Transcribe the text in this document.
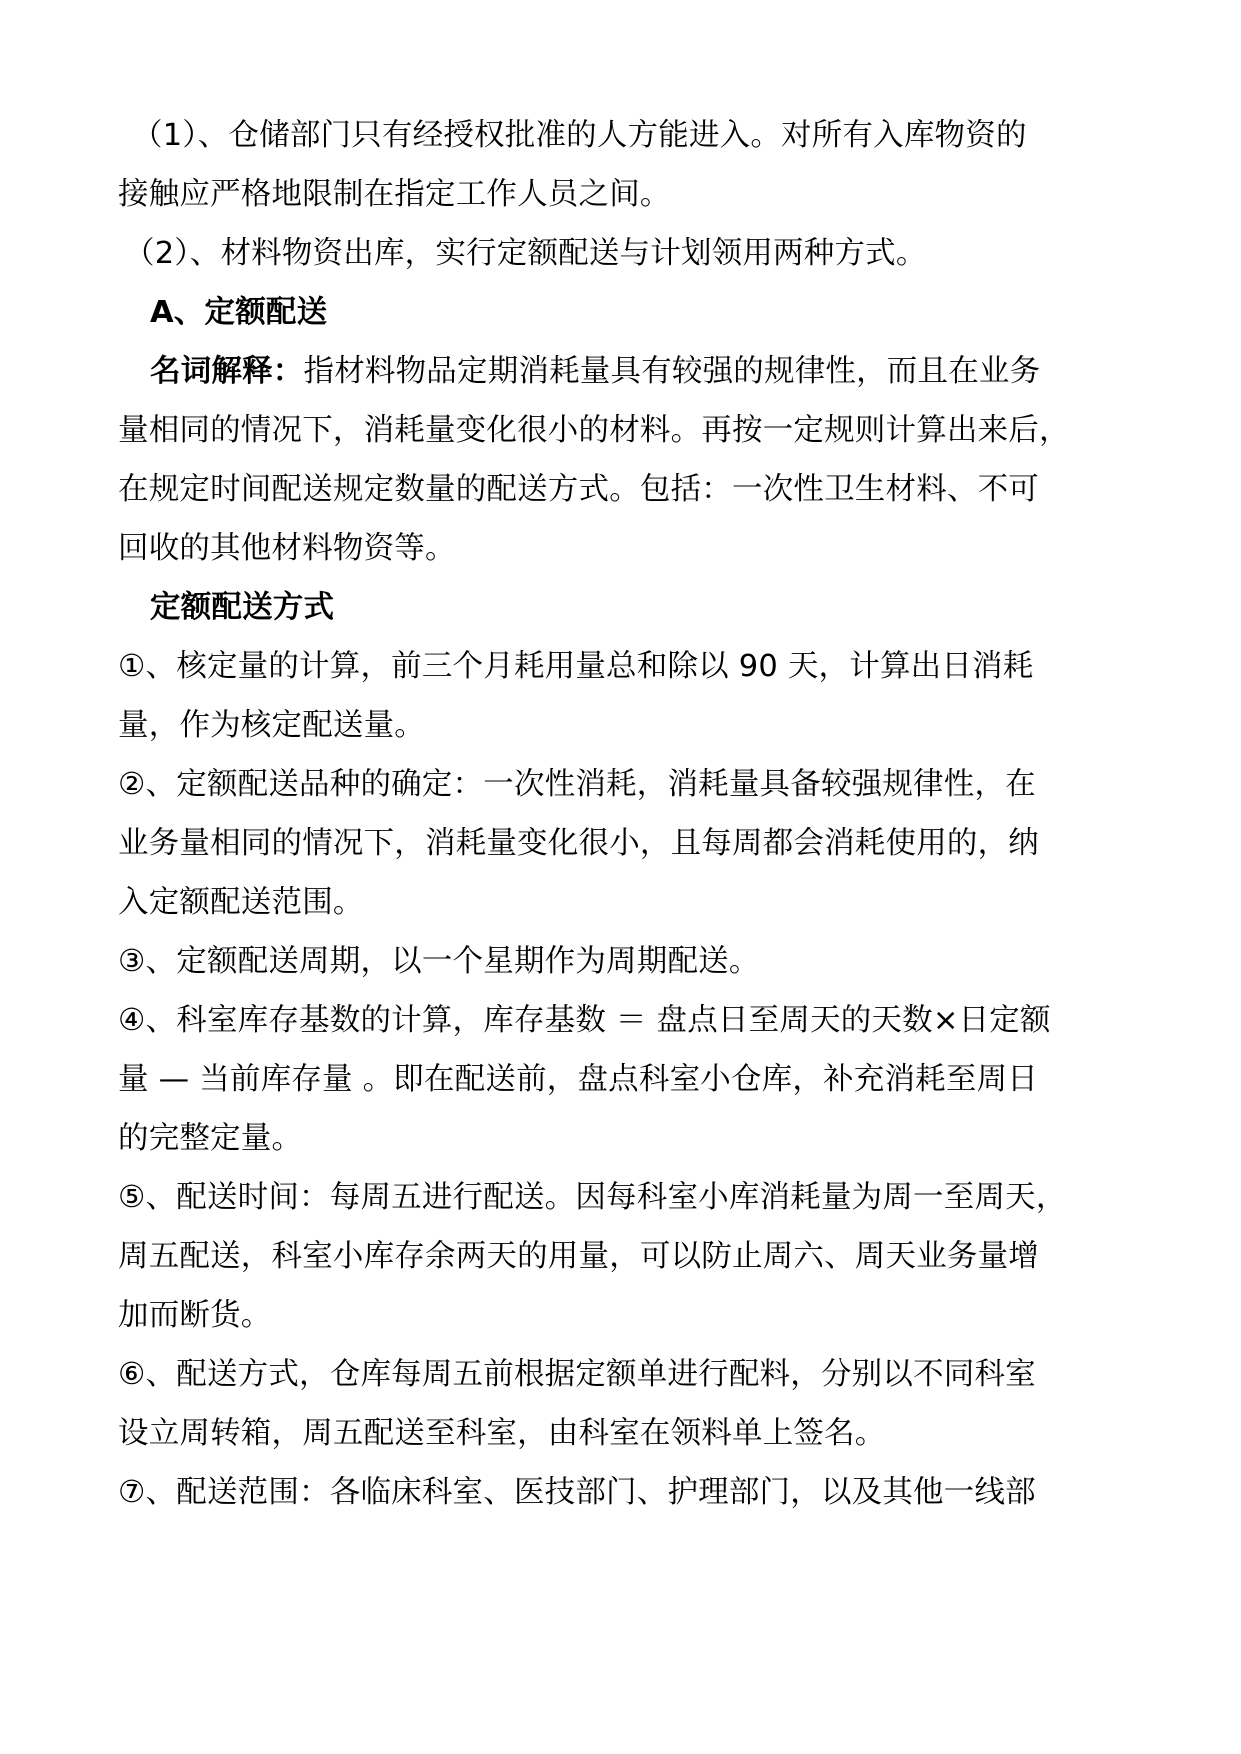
（1）、仓储部门只有经授权批准的人方能进入。对所有入库物资的
接触应严格地限制在指定工作人员之间。
（2）、材料物资出库，实行定额配送与计划领用两种方式。
A、定额配送
名词解释：指材料物品定期消耗量具有较强的规律性，而且在业务
量相同的情况下，消耗量变化很小的材料。再按一定规则计算出来后，
在规定时间配送规定数量的配送方式。包括：一次性卫生材料、不可
回收的其他材料物资等。
定额配送方式
①、核定量的计算，前三个月耗用量总和除以 90 天，计算出日消耗
量，作为核定配送量。
②、定额配送品种的确定：一次性消耗，消耗量具备较强规律性，在
业务量相同的情况下，消耗量变化很小，且每周都会消耗使用的，纳
入定额配送范围。
③、定额配送周期，以一个星期作为周期配送。
④、科室库存基数的计算，库存基数 ＝ 盘点日至周天的天数×日定额
量 — 当前库存量 。即在配送前，盘点科室小仓库，补充消耗至周日
的完整定量。
⑤、配送时间：每周五进行配送。因每科室小库消耗量为周一至周天，
周五配送，科室小库存余两天的用量，可以防止周六、周天业务量增
加而断货。
⑥、配送方式，仓库每周五前根据定额单进行配料，分别以不同科室
设立周转箱，周五配送至科室，由科室在领料单上签名。
⑦、配送范围：各临床科室、医技部门、护理部门，以及其他一线部
